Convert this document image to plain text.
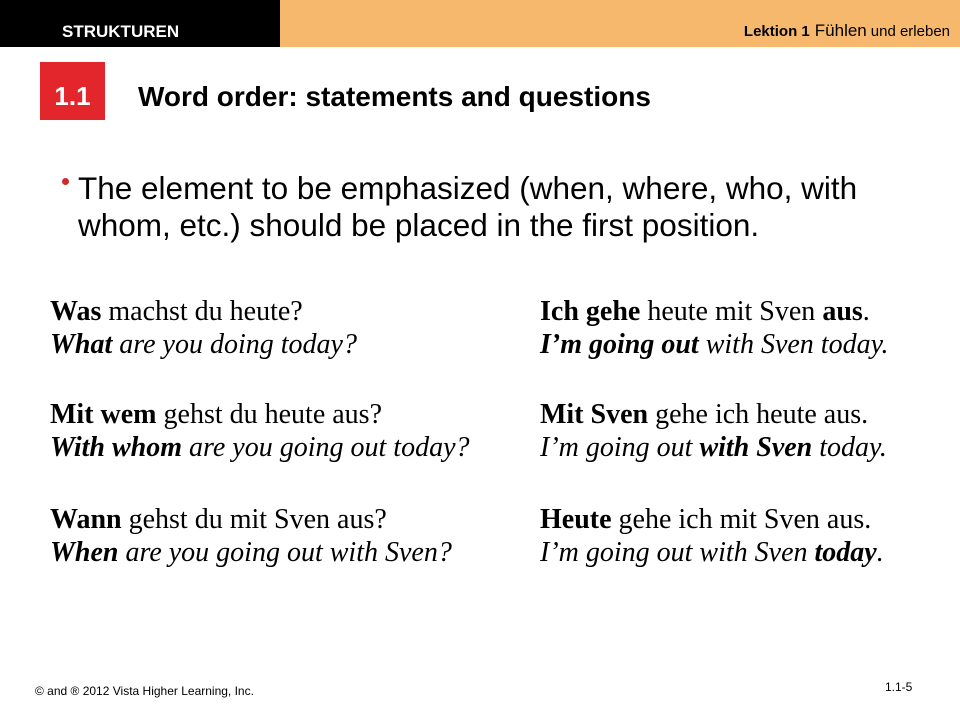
STRUKTUREN	Lektion 1 Fühlen und erleben
1.1	Word order: statements and questions
The element to be emphasized (when, where, who, with whom, etc.) should be placed in the first position.
Was machst du heute?
What are you doing today?
Mit wem gehst du heute aus?
With whom are you going out today?
Wann gehst du mit Sven aus?
When are you going out with Sven?
Ich gehe heute mit Sven aus.
I’m going out with Sven today.
Mit Sven gehe ich heute aus.
I’m going out with Sven today.
Heute gehe ich mit Sven aus.
I’m going out with Sven today.
© and ® 2012 Vista Higher Learning, Inc.	1.1-5
